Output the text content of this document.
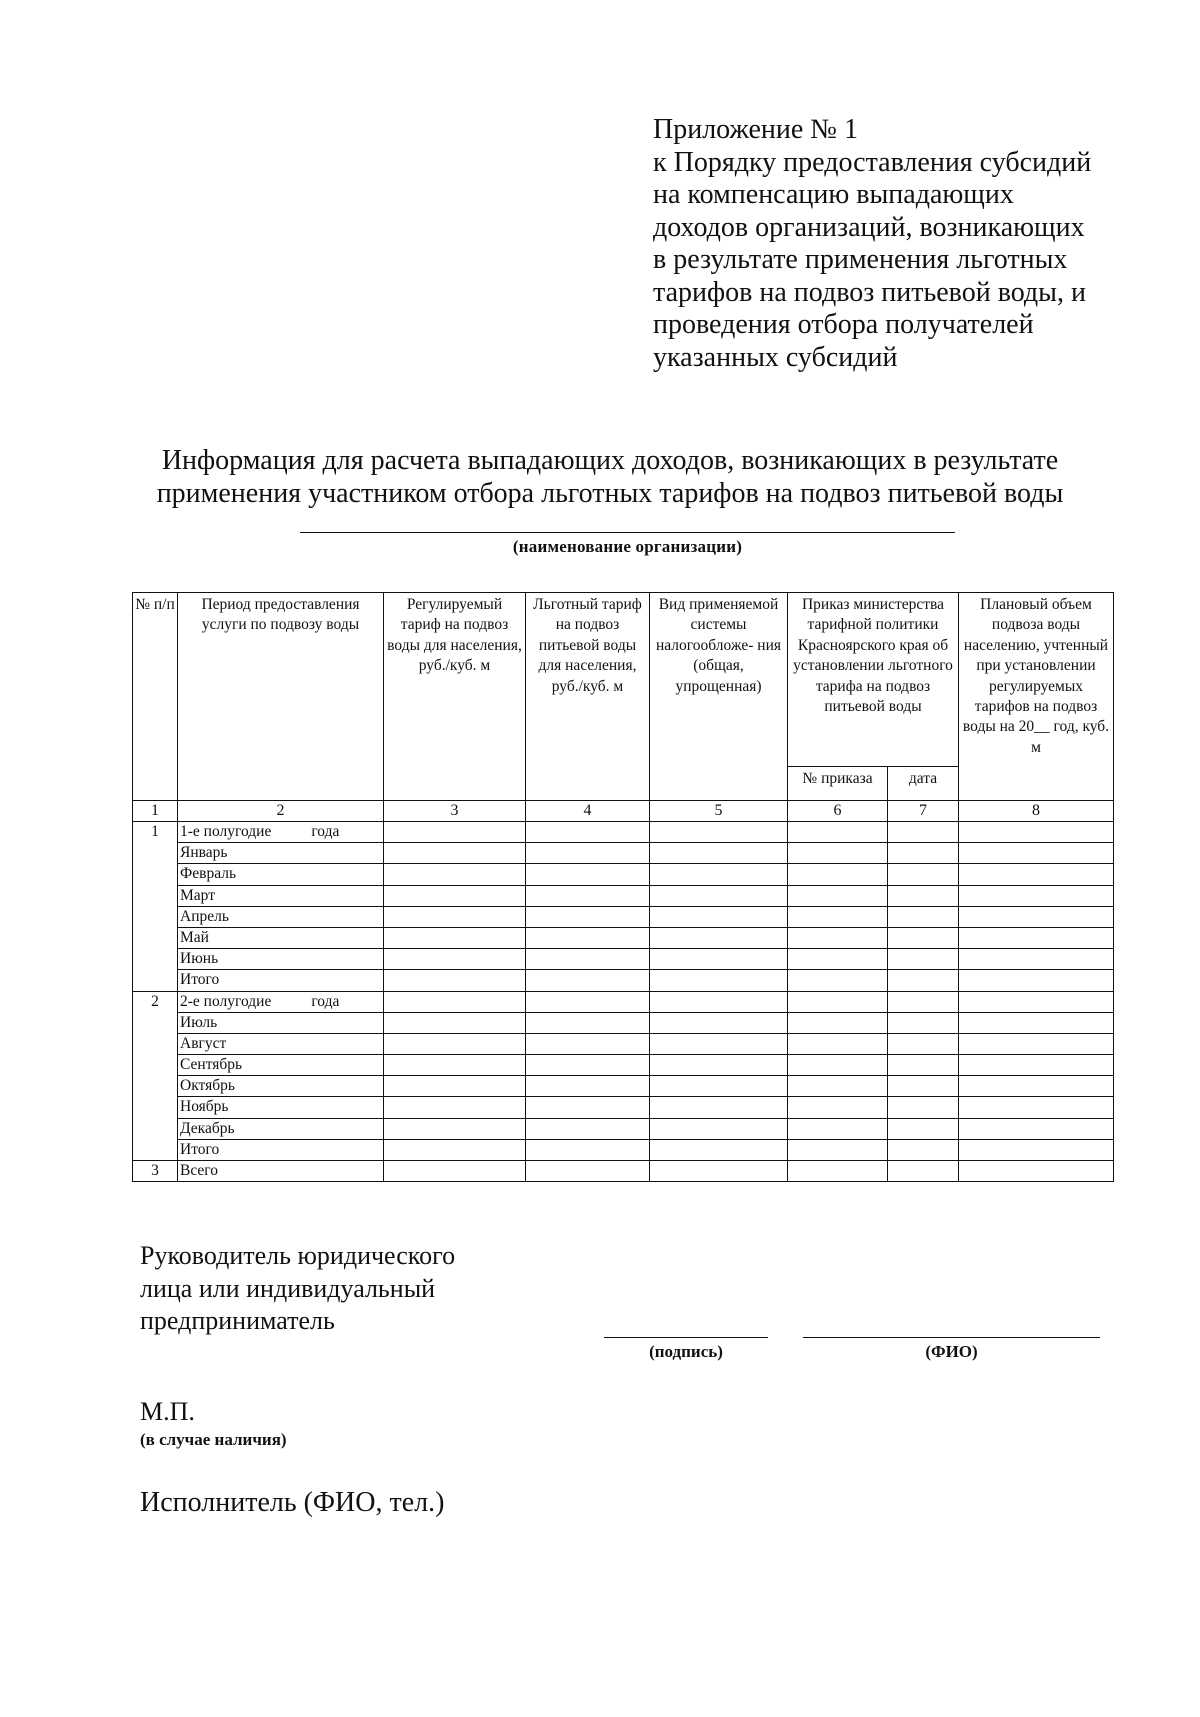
Приложение № 1
к Порядку предоставления субсидий
на компенсацию выпадающих
доходов организаций, возникающих
в результате применения льготных
тарифов на подвоз питьевой воды, и
проведения отбора получателей
указанных субсидий
Информация для расчета выпадающих доходов, возникающих в результате
применения участником отбора льготных тарифов на подвоз питьевой воды
(наименование организации)
№ п/п	Период предоставления услуги по подвозу воды	Регулируемый тариф на подвоз воды для населения, руб./куб. м	Льготный тариф на подвоз питьевой воды для населения, руб./куб. м	Вид применяемой системы налогообложе- ния (общая, упрощенная)	Приказ министерства тарифной политики Красноярского края об установлении льготного тарифа на подвоз питьевой воды		Плановый объем подвоза воды населению, учтенный при установлении регулируемых тарифов на подвоз воды на 20__ год, куб. м
					№ приказа	дата	
1	2	3	4	5	6	7	8
1	1-е полугодие года						
	Январь						
	Февраль						
	Март						
	Апрель						
	Май						
	Июнь						
	Итого						
2	2-е полугодие года						
	Июль						
	Август						
	Сентябрь						
	Октябрь						
	Ноябрь						
	Декабрь						
	Итого						
3	Всего						
Руководитель юридического
лица или индивидуальный
предприниматель
(подпись)	(ФИО)
М.П.
(в случае наличия)
Исполнитель (ФИО, тел.)
